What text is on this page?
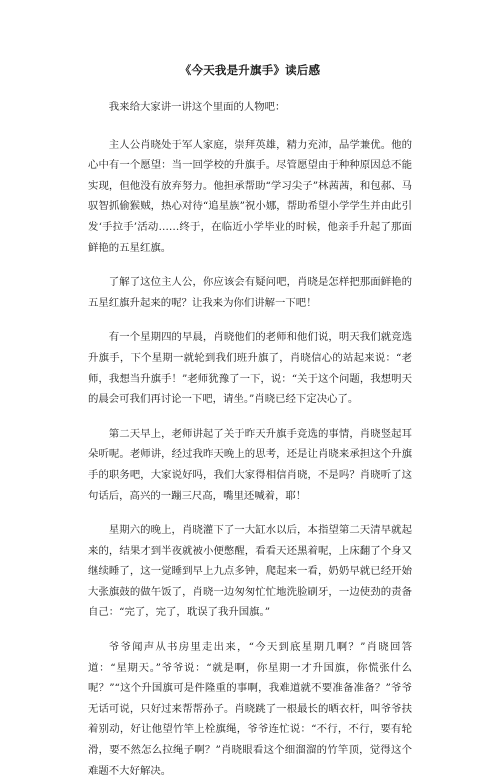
《今天我是升旗手》读后感

我来给大家讲一讲这个里面的人物吧：

主人公肖晓处于军人家庭，崇拜英雄，精力充沛，品学兼优。他的心中有一个愿望：当一回学校的升旗手。尽管愿望由于种种原因总不能实现，但他没有放弃努力。他担承帮助“学习尖子”林茜茜，和包郝、马驭智抓偷猴贼，热心对待“追星族”祝小娜，帮助希望小学学生并由此引发‘手拉手’活动……终于，在临近小学毕业的时候，他亲手升起了那面鲜艳的五星红旗。

了解了这位主人公，你应该会有疑问吧，肖晓是怎样把那面鲜艳的五星红旗升起来的呢？让我来为你们讲解一下吧！

有一个星期四的早晨，肖晓他们的老师和他们说，明天我们就竞选升旗手，下个星期一就轮到我们班升旗了，肖晓信心的站起来说：“老师，我想当升旗手！”老师犹豫了一下，说：“关于这个问题，我想明天的晨会可我们再讨论一下吧，请坐。”肖晓已经下定决心了。

第二天早上，老师讲起了关于昨天升旗手竞选的事情，肖晓竖起耳朵听呢。老师讲，经过我昨天晚上的思考，还是让肖晓来承担这个升旗手的职务吧，大家说好吗，我们大家得相信肖晓，不是吗？肖晓听了这句话后，高兴的一蹦三尺高，嘴里还喊着，耶！

星期六的晚上，肖晓灌下了一大缸水以后，本指望第二天清早就起来的，结果才到半夜就被小便憋醒，看看天还黑着呢，上床翻了个身又继续睡了，这一觉睡到早上九点多钟，爬起来一看，奶奶早就已经开始大张旗鼓的做午饭了，肖晓一边匆匆忙忙地洗脸刷牙，一边使劲的责备自己：“完了，完了，耽误了我升国旗。”

爷爷闻声从书房里走出来，“今天到底星期几啊？”肖晓回答道：“星期天。”爷爷说：“就是啊，你星期一才升国旗，你慌张什么呢？”“这个升国旗可是件隆重的事啊，我难道就不要准备准备？”爷爷无话可说，只好过来帮帮孙子。肖晓跳了一根最长的晒衣杆，叫爷爷扶着别动，好让他望竹竿上栓旗绳，爷爷连忙说：“不行，不行，要有轮滑，要不然怎么拉绳子啊？”肖晓眼看这个细溜溜的竹竿顶，觉得这个难题不大好解决。
